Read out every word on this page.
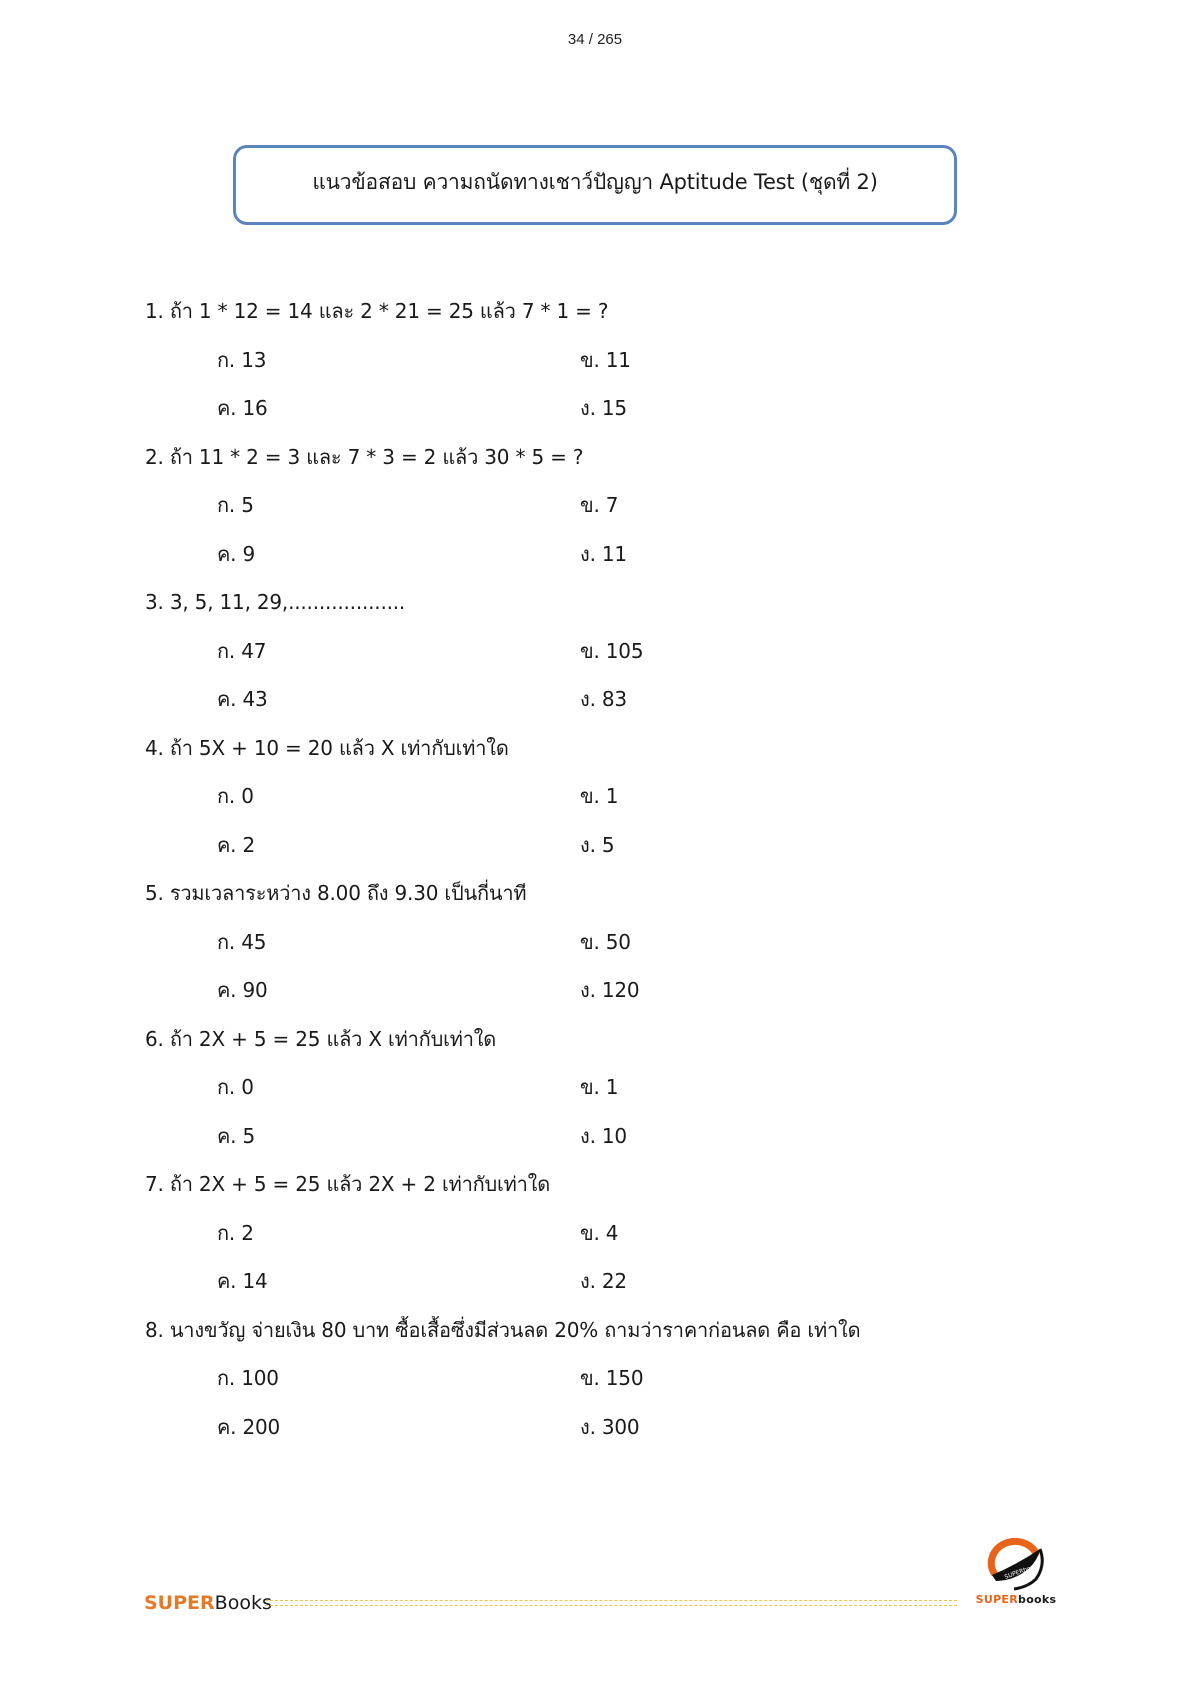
34 / 265
แนวข้อสอบ ความถนัดทางเชาว์ปัญญา Aptitude Test (ชุดที่ 2)
1. ถ้า 1 * 12 = 14 และ 2 * 21 = 25 แล้ว 7 * 1 = ?
ก. 13	ข. 11
ค. 16	ง. 15
2. ถ้า 11 * 2 = 3 และ 7 * 3 = 2 แล้ว 30 * 5 = ?
ก. 5	ข. 7
ค. 9	ง. 11
3. 3, 5, 11, 29,...................
ก. 47	ข. 105
ค. 43	ง. 83
4. ถ้า 5X + 10 = 20 แล้ว X เท่ากับเท่าใด
ก. 0	ข. 1
ค. 2	ง. 5
5. รวมเวลาระหว่าง 8.00 ถึง 9.30 เป็นกี่นาที
ก. 45	ข. 50
ค. 90	ง. 120
6. ถ้า 2X + 5 = 25 แล้ว X เท่ากับเท่าใด
ก. 0	ข. 1
ค. 5	ง. 10
7. ถ้า 2X + 5 = 25 แล้ว 2X + 2 เท่ากับเท่าใด
ก. 2	ข. 4
ค. 14	ง. 22
8. นางขวัญ จ่ายเงิน 80 บาท ซื้อเสื้อซึ่งมีส่วนลด 20% ถามว่าราคาก่อนลด คือ เท่าใด
ก. 100	ข. 150
ค. 200	ง. 300
SUPERBooks
SUPERbooks
SUPERbooks
